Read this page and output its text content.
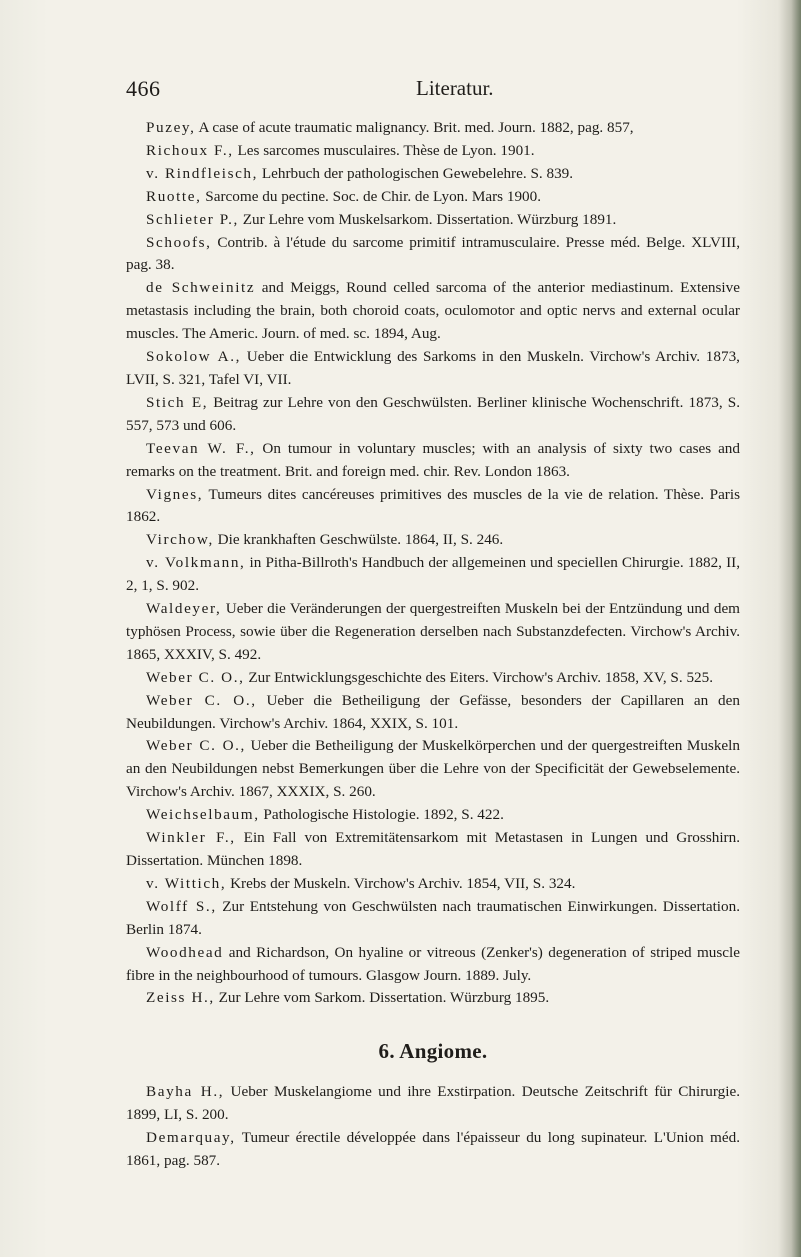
466	Literatur.

Puzey, A case of acute traumatic malignancy. Brit. med. Journ. 1882, pag. 857,

Richoux F., Les sarcomes musculaires. Thèse de Lyon. 1901.

v. Rindfleisch, Lehrbuch der pathologischen Gewebelehre. S. 839.

Ruotte, Sarcome du pectine. Soc. de Chir. de Lyon. Mars 1900.

Schlieter P., Zur Lehre vom Muskelsarkom. Dissertation. Würzburg 1891.

Schoofs, Contrib. à l'étude du sarcome primitif intramusculaire. Presse méd. Belge. XLVIII, pag. 38.

de Schweinitz and Meiggs, Round celled sarcoma of the anterior mediastinum. Extensive metastasis including the brain, both choroid coats, oculomotor and optic nervs and external ocular muscles. The Americ. Journ. of med. sc. 1894, Aug.

Sokolow A., Ueber die Entwicklung des Sarkoms in den Muskeln. Virchow's Archiv. 1873, LVII, S. 321, Tafel VI, VII.

Stich E, Beitrag zur Lehre von den Geschwülsten. Berliner klinische Wochenschrift. 1873, S. 557, 573 und 606.

Teevan W. F., On tumour in voluntary muscles; with an analysis of sixty two cases and remarks on the treatment. Brit. and foreign med. chir. Rev. London 1863.

Vignes, Tumeurs dites cancéreuses primitives des muscles de la vie de relation. Thèse. Paris 1862.

Virchow, Die krankhaften Geschwülste. 1864, II, S. 246.

v. Volkmann, in Pitha-Billroth's Handbuch der allgemeinen und speciellen Chirurgie. 1882, II, 2, 1, S. 902.

Waldeyer, Ueber die Veränderungen der quergestreiften Muskeln bei der Entzündung und dem typhösen Process, sowie über die Regeneration derselben nach Substanzdefecten. Virchow's Archiv. 1865, XXXIV, S. 492.

Weber C. O., Zur Entwicklungsgeschichte des Eiters. Virchow's Archiv. 1858, XV, S. 525.

Weber C. O., Ueber die Betheiligung der Gefässe, besonders der Capillaren an den Neubildungen. Virchow's Archiv. 1864, XXIX, S. 101.

Weber C. O., Ueber die Betheiligung der Muskelkörperchen und der quergestreiften Muskeln an den Neubildungen nebst Bemerkungen über die Lehre von der Specificität der Gewebselemente. Virchow's Archiv. 1867, XXXIX, S. 260.

Weichselbaum, Pathologische Histologie. 1892, S. 422.

Winkler F., Ein Fall von Extremitätensarkom mit Metastasen in Lungen und Grosshirn. Dissertation. München 1898.

v. Wittich, Krebs der Muskeln. Virchow's Archiv. 1854, VII, S. 324.

Wolff S., Zur Entstehung von Geschwülsten nach traumatischen Einwirkungen. Dissertation. Berlin 1874.

Woodhead and Richardson, On hyaline or vitreous (Zenker's) degeneration of striped muscle fibre in the neighbourhood of tumours. Glasgow Journ. 1889. July.

Zeiss H., Zur Lehre vom Sarkom. Dissertation. Würzburg 1895.

6. Angiome.

Bayha H., Ueber Muskelangiome und ihre Exstirpation. Deutsche Zeitschrift für Chirurgie. 1899, LI, S. 200.

Demarquay, Tumeur érectile développée dans l'épaisseur du long supinateur. L'Union méd. 1861, pag. 587.
